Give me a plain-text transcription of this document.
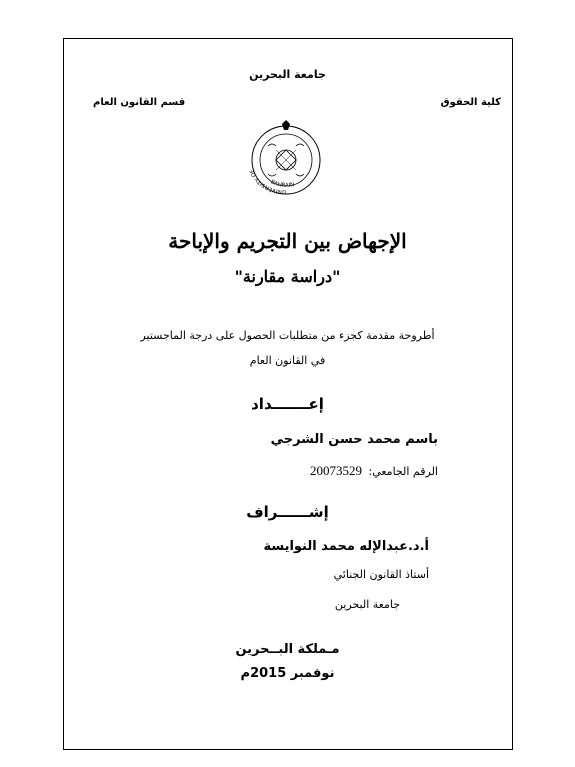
جامعة البحرين
كلية الحقوق
قسم القانون العام
UNIVERSITY OF
BAHRAIN
الإجهاض بين التجريم والإباحة
"دراسة مقارنة"
أطروحة مقدمة كجزء من متطلبات الحصول على درجة الماجستير
في القانون العام
إعـــــــداد
باسم محمد حسن الشرجي
الرقم الجامعي: 20073529
إشــــــراف
أ.د.عبدالإله محمد النوايسة
أستاذ القانون الجنائي
جامعة البحرين
مـملكة البــحرين
نوفمبر 2015م
